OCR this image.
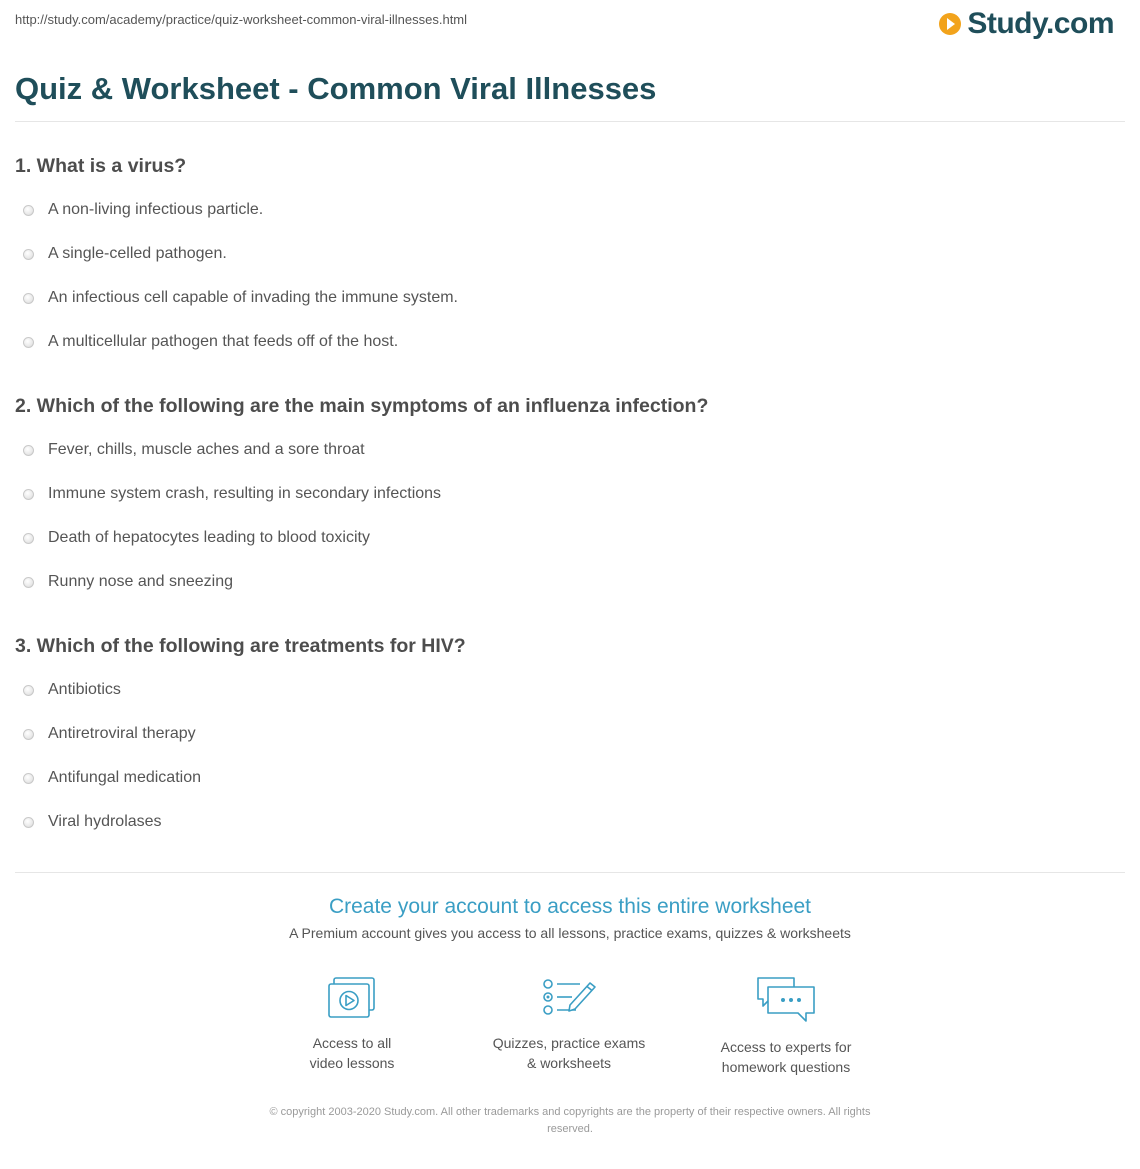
http://study.com/academy/practice/quiz-worksheet-common-viral-illnesses.html	Study.com
Quiz & Worksheet - Common Viral Illnesses
1. What is a virus?
A non-living infectious particle.
A single-celled pathogen.
An infectious cell capable of invading the immune system.
A multicellular pathogen that feeds off of the host.
2. Which of the following are the main symptoms of an influenza infection?
Fever, chills, muscle aches and a sore throat
Immune system crash, resulting in secondary infections
Death of hepatocytes leading to blood toxicity
Runny nose and sneezing
3. Which of the following are treatments for HIV?
Antibiotics
Antiretroviral therapy
Antifungal medication
Viral hydrolases
Create your account to access this entire worksheet
A Premium account gives you access to all lessons, practice exams, quizzes & worksheets
Access to all
video lessons
Quizzes, practice exams
& worksheets
Access to experts for
homework questions
© copyright 2003-2020 Study.com. All other trademarks and copyrights are the property of their respective owners. All rights
reserved.
